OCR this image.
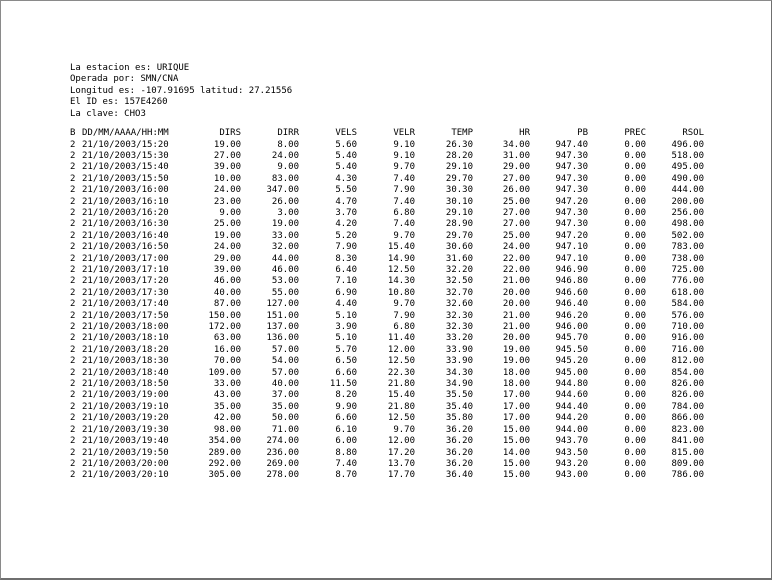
La estacion es: URIQUE
Operada por: SMN/CNA
Longitud es: -107.91695 latitud: 27.21556
El ID es: 157E4260
La clave: CHO3
B	DD/MM/AAAA/HH:MM	DIRS	DIRR	VELS	VELR	TEMP	HR	PB	PREC	RSOL
2	21/10/2003/15:20	19.00	8.00	5.60	9.10	26.30	34.00	947.40	0.00	496.00
2	21/10/2003/15:30	27.00	24.00	5.40	9.10	28.20	31.00	947.30	0.00	518.00
2	21/10/2003/15:40	39.00	9.00	5.40	9.70	29.10	29.00	947.30	0.00	495.00
2	21/10/2003/15:50	10.00	83.00	4.30	7.40	29.70	27.00	947.30	0.00	490.00
2	21/10/2003/16:00	24.00	347.00	5.50	7.90	30.30	26.00	947.30	0.00	444.00
2	21/10/2003/16:10	23.00	26.00	4.70	7.40	30.10	25.00	947.20	0.00	200.00
2	21/10/2003/16:20	9.00	3.00	3.70	6.80	29.10	27.00	947.30	0.00	256.00
2	21/10/2003/16:30	25.00	19.00	4.20	7.40	28.90	27.00	947.30	0.00	498.00
2	21/10/2003/16:40	19.00	33.00	5.20	9.70	29.70	25.00	947.20	0.00	502.00
2	21/10/2003/16:50	24.00	32.00	7.90	15.40	30.60	24.00	947.10	0.00	783.00
2	21/10/2003/17:00	29.00	44.00	8.30	14.90	31.60	22.00	947.10	0.00	738.00
2	21/10/2003/17:10	39.00	46.00	6.40	12.50	32.20	22.00	946.90	0.00	725.00
2	21/10/2003/17:20	46.00	53.00	7.10	14.30	32.50	21.00	946.80	0.00	776.00
2	21/10/2003/17:30	40.00	55.00	6.90	10.80	32.70	20.00	946.60	0.00	618.00
2	21/10/2003/17:40	87.00	127.00	4.40	9.70	32.60	20.00	946.40	0.00	584.00
2	21/10/2003/17:50	150.00	151.00	5.10	7.90	32.30	21.00	946.20	0.00	576.00
2	21/10/2003/18:00	172.00	137.00	3.90	6.80	32.30	21.00	946.00	0.00	710.00
2	21/10/2003/18:10	63.00	136.00	5.10	11.40	33.20	20.00	945.70	0.00	916.00
2	21/10/2003/18:20	16.00	57.00	5.70	12.00	33.90	19.00	945.50	0.00	716.00
2	21/10/2003/18:30	70.00	54.00	6.50	12.50	33.90	19.00	945.20	0.00	812.00
2	21/10/2003/18:40	109.00	57.00	6.60	22.30	34.30	18.00	945.00	0.00	854.00
2	21/10/2003/18:50	33.00	40.00	11.50	21.80	34.90	18.00	944.80	0.00	826.00
2	21/10/2003/19:00	43.00	37.00	8.20	15.40	35.50	17.00	944.60	0.00	826.00
2	21/10/2003/19:10	35.00	35.00	9.90	21.80	35.40	17.00	944.40	0.00	784.00
2	21/10/2003/19:20	42.00	50.00	6.60	12.50	35.80	17.00	944.20	0.00	866.00
2	21/10/2003/19:30	98.00	71.00	6.10	9.70	36.20	15.00	944.00	0.00	823.00
2	21/10/2003/19:40	354.00	274.00	6.00	12.00	36.20	15.00	943.70	0.00	841.00
2	21/10/2003/19:50	289.00	236.00	8.80	17.20	36.20	14.00	943.50	0.00	815.00
2	21/10/2003/20:00	292.00	269.00	7.40	13.70	36.20	15.00	943.20	0.00	809.00
2	21/10/2003/20:10	305.00	278.00	8.70	17.70	36.40	15.00	943.00	0.00	786.00
